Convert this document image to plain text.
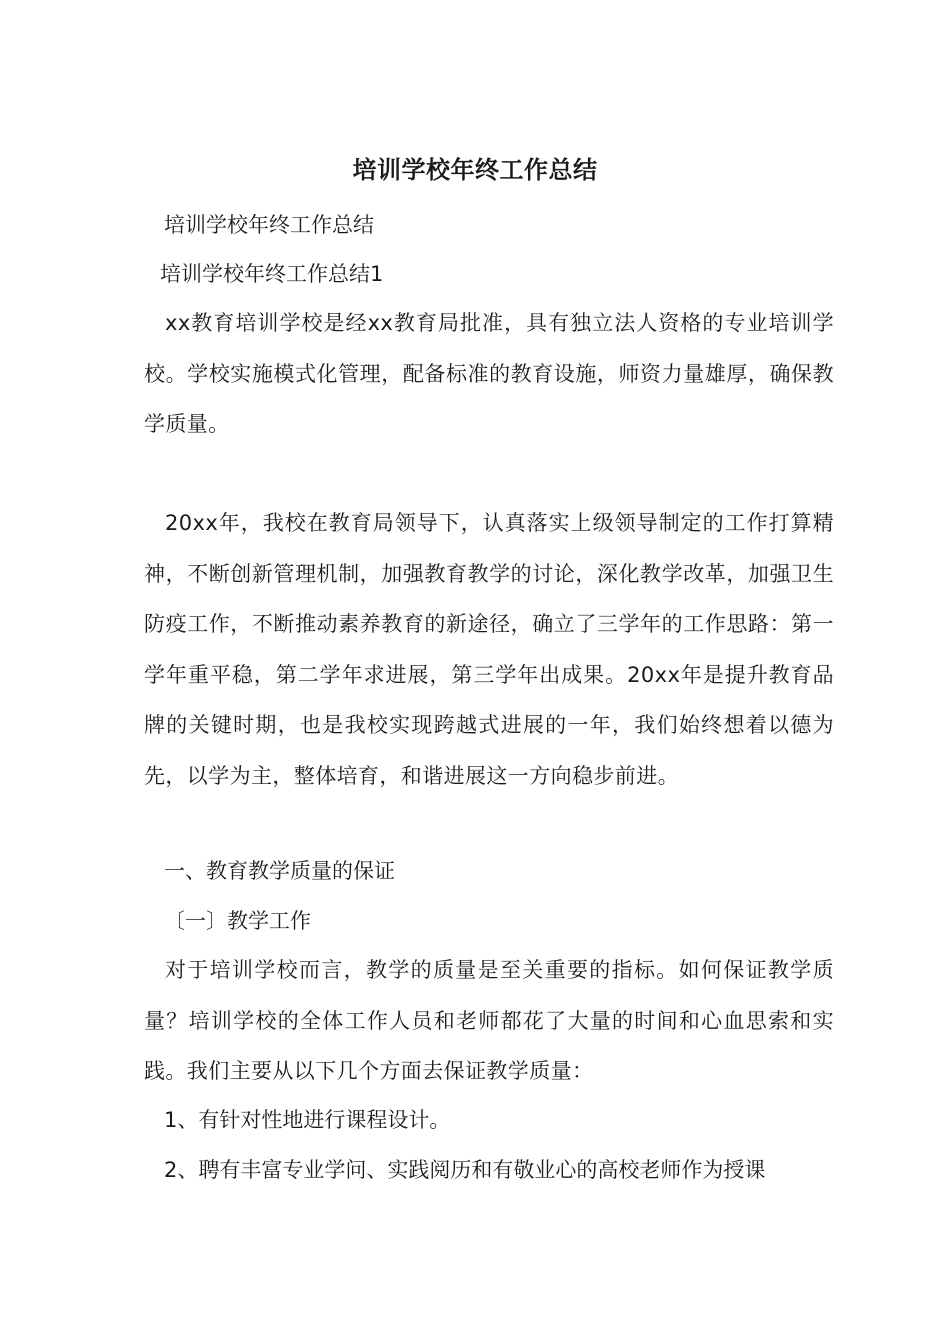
培训学校年终工作总结
培训学校年终工作总结
培训学校年终工作总结1

xx教育培训学校是经xx教育局批准，具有独立法人资格的专业培训学校。学校实施模式化管理，配备标准的教育设施，师资力量雄厚，确保教学质量。

20xx年，我校在教育局领导下，认真落实上级领导制定的工作打算精神，不断创新管理机制，加强教育教学的讨论，深化教学改革，加强卫生防疫工作，不断推动素养教育的新途径，确立了三学年的工作思路：第一学年重平稳，第二学年求进展，第三学年出成果。20xx年是提升教育品牌的关键时期，也是我校实现跨越式进展的一年，我们始终想着以德为先，以学为主，整体培育，和谐进展这一方向稳步前进。

一、教育教学质量的保证
〔一〕教学工作

对于培训学校而言，教学的质量是至关重要的指标。如何保证教学质量？培训学校的全体工作人员和老师都花了大量的时间和心血思索和实践。我们主要从以下几个方面去保证教学质量：

1、有针对性地进行课程设计。
2、聘有丰富专业学问、实践阅历和有敬业心的高校老师作为授课
